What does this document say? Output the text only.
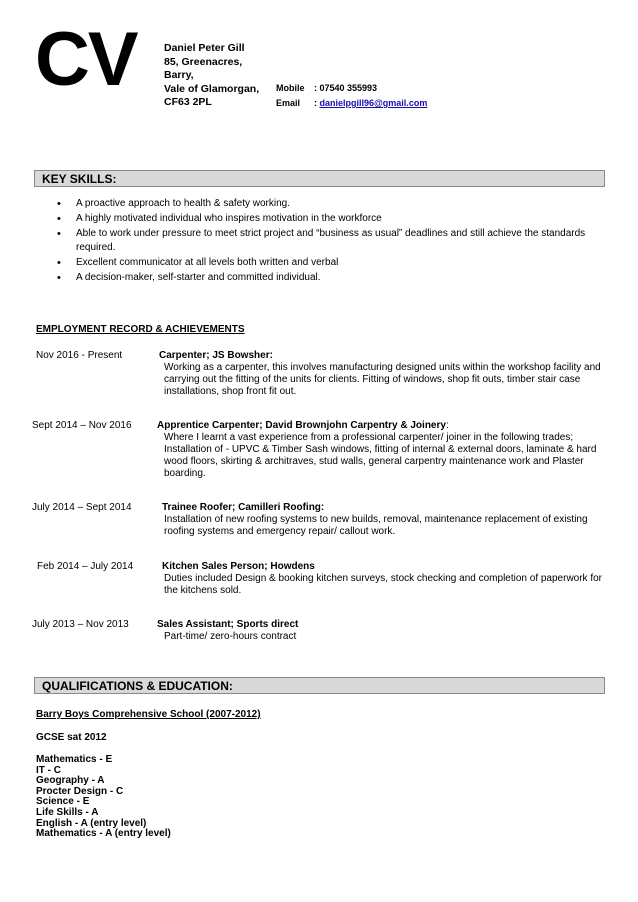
CV	Daniel Peter Gill
85, Greenacres,
Barry,
Vale of Glamorgan,
CF63 2PL
Mobile : 07540 355993
Email : danielpgill96@gmail.com
KEY SKILLS:
• A proactive approach to health & safety working.
• A highly motivated individual who inspires motivation in the workforce
• Able to work under pressure to meet strict project and “business as usual” deadlines and still achieve the standards required.
• Excellent communicator at all levels both written and verbal
• A decision-maker, self-starter and committed individual.
EMPLOYMENT RECORD & ACHIEVEMENTS
Nov 2016 - Present	Carpenter; JS Bowsher:
Working as a carpenter, this involves manufacturing designed units within the workshop facility and carrying out the fitting of the units for clients. Fitting of windows, shop fit outs, timber stair case installations, shop front fit out.
Sept 2014 – Nov 2016	Apprentice Carpenter; David Brownjohn Carpentry & Joinery:
Where I learnt a vast experience from a professional carpenter/ joiner in the following trades; Installation of - UPVC & Timber Sash windows, fitting of internal & external doors, laminate & hard wood floors, skirting & architraves, stud walls, general carpentry maintenance work and Plaster boarding.
July 2014 – Sept 2014	Trainee Roofer; Camilleri Roofing:
Installation of new roofing systems to new builds, removal, maintenance replacement of existing roofing systems and emergency repair/ callout work.
Feb 2014 – July 2014	Kitchen Sales Person; Howdens
Duties included Design & booking kitchen surveys, stock checking and completion of paperwork for the kitchens sold.
July 2013 – Nov 2013	Sales Assistant; Sports direct
Part-time/ zero-hours contract
QUALIFICATIONS & EDUCATION:
Barry Boys Comprehensive School (2007-2012)
GCSE sat 2012
Mathematics - E
IT - C
Geography - A
Procter Design - C
Science - E
Life Skills - A
English - A (entry level)
Mathematics - A (entry level)
